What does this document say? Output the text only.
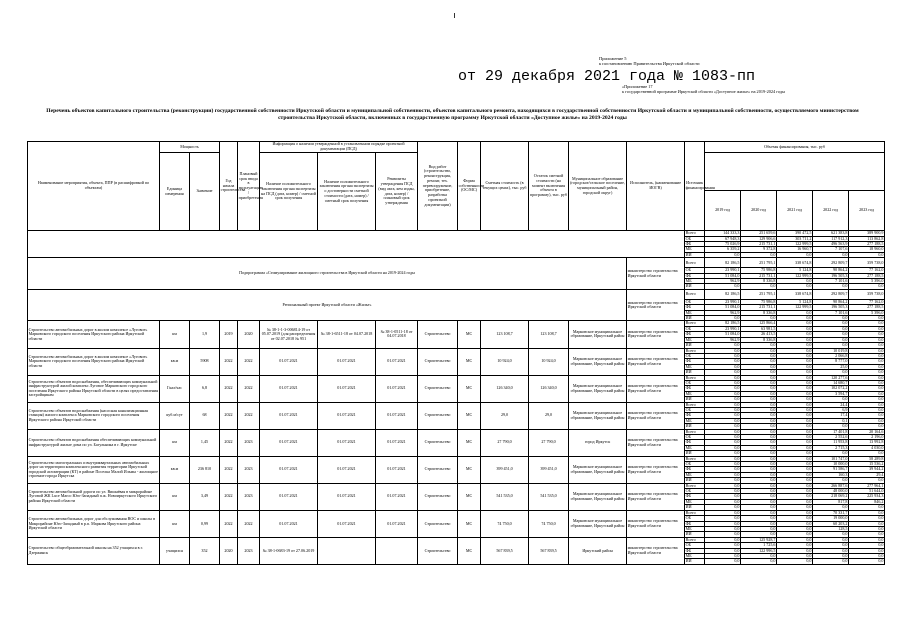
Приложение 5
к постановлению Правительства Иркутской области
от 29 декабря 2021 года № 1083-пп
«Приложение 17
к государственной программе Иркутской области «Доступное жилье» на 2019-2024 годы
Перечень объектов капитального строительства (реконструкции) государственной собственности Иркутской области и муниципальной собственности, объектов капитального ремонта, находящихся в государственной собственности Иркутской области и муниципальной собственности, осуществляемого министерством строительства Иркутской области, включенных в государственную программу Иркутской области «Доступное жилье» на 2019-2024 годы
Наименование мероприятия, объекта, ППР (в расшифровкой по объектам)	Мощность		Год начала строительства	Плановый срок ввода в эксплуатацию / приобретения	Информация о наличии утвержденной в установленном порядке проектной документации (ПСД)			Вид работ (строительство, реконструкция, ремонт, тех. перевооружение, приобретение, разработка проектной документации)	Форма собственности (ОС/МС)	Сметная стоимость (в текущих ценах), тыс. руб	Остаток сметной стоимости (на момент включения объекта в программу), тыс. руб	Муниципальное образование (городское/сельское поселение, муниципальный район, городской округ)	Исполнитель, (наименование ИОГВ)	Источник финансирования	Объемы финансирования, тыс. руб				
	Единица измерения	Значение			Наличие положительного заключения органа экспертизы на ПСД (дата, номер) / сметной срок получения	Наличие положительного заключения органа экспертизы о достоверности сметной стоимости (дата, номер) / сметный срок получения	Реквизиты утверждения ПСД (вид акта, кем издан, дата, номер) / плановый срок утверждения												
															2019 год	2020 год	2021 год	2022 год	2023 год
														Всего	144 333,3	251 659,6	390 472,5	621 383,8	389 900,9
														ОБ	67 948,3	129 906,6	303 711,2	117 912,3	113 862,8
														ФБ	75 026,9	215 731,1	122 999,5	496 563,9	277 188,5
														МБ	6 359,2	9 372,8	16 960,7	7 107,6	18 960,0
														ИИ	0,0	0,0	0,0	0,0	0,0
Подпрограмма «Стимулирование жилищного строительства в Иркутской области на 2019-2024 годы													министерство строительства Иркутской области	Всего	82 186,5	251 795,1	338 674,8	292 809,7	359 738,0
														ОБ	23 990,1	75 986,8	5 124,8	90 864,2	77 162,0
														ФБ	51 084,0	215 731,1	122 999,5	196 505,3	277 188,5
														МБ	962,9	8 336,8	0,0	7 101,6	5 396,0
														ИИ	0,0	0,0	0,0	0,0	0,0
Региональный проект Иркутской области «Жилье»													министерство строительства Иркутской области	Всего	82 186,5	251 795,1	338 674,8	292 809,7	359 738,0
														ОБ	23 990,1	75 986,8	5 124,8	90 864,2	77 162,0
														ФБ	51 084,0	215 731,1	122 999,5	196 505,3	277 188,5
														МБ	962,9	8 336,8	0,0	7 101,6	5 396,0
														ИИ	0,0	0,0	0,0	0,0	0,0
Строительство автомобильных дорог в жилом комплексе «Луговое» Марковского городского поселения Иркутского района Иркутской области	км	1,9	2019	2020	№ 38-1-1-3-006814-19 от 05.07.2019 (для распределения от 02.07.2018 № 951	№ 38-1-6511-18 от 04.07.2018	№ 38-1-0511-18 от 04.07.2018	Строительство	МС	123 108,7	123 108,7	Марковское муниципальное образование, Иркутский район	министерство строительства Иркутской области	Всего	82 186,5	125 866,4	0,0	0,0	0,0
														ОБ	23 990,1	63 981,5	0,0	0,0	0,0
														ФБ	51 084,0	26 413,5	0,0	0,0	0,0
														МБ	962,9	8 336,8	0,0	0,0	0,0
														ИИ	0,0	0,0	0,0	0,0	0,0
Строительство автомобильных дорог в жилом комплексе «Луговое» Марковского городского поселения Иркутского района Иркутской области	кв.м	5908	2022	2022	01.07.2021	01.07.2021	01.07.2021	Строительство	МС	10 924,0	10 924,0	Марковское муниципальное образование, Иркутский район	министерство строительства Иркутской области	Всего	0,0	0,0	0,0	10 019,8	0,0
														ОБ	0,0	0,0	0,0	2 066,8	0,0
														ФБ	0,0	0,0	0,0	8 777,0	0,0
														МБ	0,0	0,0	0,0	25,0	0,0
														ИИ	0,0	0,0	0,0	0,0	0,0
Строительство объектов водоснабжения, обеспечивающих коммунальной инфраструктурой жилой комплекс Луговое Марковского городского поселения Иркутского района Иркутской области в целях предоставления застройщикам	Гкал/час	6,8	2022	2022	01.07.2021	01.07.2021	01.07.2021	Строительство	МС	126 340,0	126 340,0	Марковское муниципальное образование, Иркутский район	министерство строительства Иркутской области	Всего	0,0	0,0	0,0	120 277,6	0,0
														ОБ	0,0	0,0	0,0	14 680,7	0,0
														ФБ	0,0	0,0	0,0	102 072,2	0,0
														МБ	0,0	0,0	0,0	3 594,7	0,0
														ИИ	0,0	0,0	0,0	0,0	0,0
Строительство объектов водоснабжения (насосная канализационная станция) жилого комплекса Марковского городского поселения Иркутского района Иркутской области	куб.м/сут	68	2022	2022	01.07.2021	01.07.2021	01.07.2021	Строительство	МС	29,0	29,0	Марковское муниципальное образование, Иркутский район	министерство строительства Иркутской области	Всего	0,0	0,0	0,0	24,4	0,0
														ОБ	0,0	0,0	0,0	6,9	0,0
														ФБ	0,0	0,0	0,0	17,4	0,0
														МБ	0,0	0,0	0,0	0,1	0,0
														ИИ	0,0	0,0	0,0	0,0	0,0
Строительство объектов водоснабжения обеспечивающих коммунальной инфраструктурой жилые дома по ул. Багульника в г. Иркутске	км	1,45	2022	2023	01.07.2021	01.07.2021	01.07.2021	Строительство	МС	27 790,0	27 790,0	город Иркутск	министерство строительства Иркутской области	Всего	0,0	0,0	0,0	17 401,8	20 164,6
														ОБ	0,0	0,0	0,0	2 552,6	2 196,0
														ФБ	0,0	0,0	0,0	11 953,8	13 992,8
														МБ	0,0	0,0	0,0	2 715,3	4 030,0
														ИИ	0,0	0,0	0,0	0,0	0,0
Строительство магистральных и внутриквартальных автомобильных дорог на территории комплексного развития территории Иркутской городской агломерации (КТ) в районе Поселка Малой Ильмы - жилищное строение города Иркутска	кв.м	236 810	2022	2023	01.07.2021	01.07.2021	01.07.2021	Строительство	МС	399 451,0	399 451,0	Марковское муниципальное образование, Иркутский район	министерство строительства Иркутской области	Всего	0,0	0,0	0,0	101 747,0	58 289,8
														ОБ	0,0	0,0	0,0	10 000,0	15 536,2
														ФБ	0,0	0,0	0,0	91 586,7	39 944,2
														МБ	0,0	0,0	0,0	160,3	29,4
														ИИ	0,0	0,0	0,0	0,0	0,0
Строительство автомобильной дороги по ул. Вишнёвая в микрорайоне Луговой ЖК Luce Marco Юго-Западный п.ж. Новоиркутского Иркутского района Иркутской области	км	3,49	2022	2023	01.07.2021	01.07.2021	01.07.2021	Строительство	МС	541 535,0	541 535,0	Марковское муниципальное образование, Иркутский район	министерство строительства Иркутской области	Всего	0,0	0,0	0,0	266 887,6	277 964,1
														ОБ	0,0	0,0	0,0	48 000,0	51 644,0
														ФБ	0,0	0,0	0,0	218 069,2	225 934,3
														МБ	0,0	0,0	0,0	817,8	846,2
														ИИ	0,0	0,0	0,0	0,0	0,0
Строительство автомобильных дорог для обслуживания ВОС и школы в Микрорайоне Юго-Западный в р.п. Маркова Иркутского района Иркутской области	км	0,99	2022	2022	01.07.2021	01.07.2021	01.07.2021	Строительство	МС	74 750,0	74 750,0	Марковское муниципальное образование, Иркутский район	министерство строительства Иркутской области	Всего	0,0	0,0	0,0	70 331,7	0,0
														ОБ	0,0	0,0	0,0	19 000,0	0,0
														ФБ	0,0	0,0	0,0	60 203,2	0,0
														МБ	0,0	0,0	0,0	128,5	0,0
														ИИ	0,0	0,0	0,0	0,0	0,0
Строительство общеобразовательной школы на 352 учащихся в г. Дзержинск	учащихся	352	2020	2023	№ 38-1-0683-19 от 27.06.2019			Строительство	МС	567 839,5	567 839,5	Иркутский район	министерство строительства Иркутской области	Всего	0,0	125 928,7	0,0	0,0	0,0
														ОБ	0,0	1 725,6	0,0	0,0	0,0
														ФБ	0,0	122 996,5	0,0	0,0	0,0
														МБ	0,0	0,0	0,0	0,0	0,0
														ИИ	0,0	0,0	0,0	0,0	0,0
